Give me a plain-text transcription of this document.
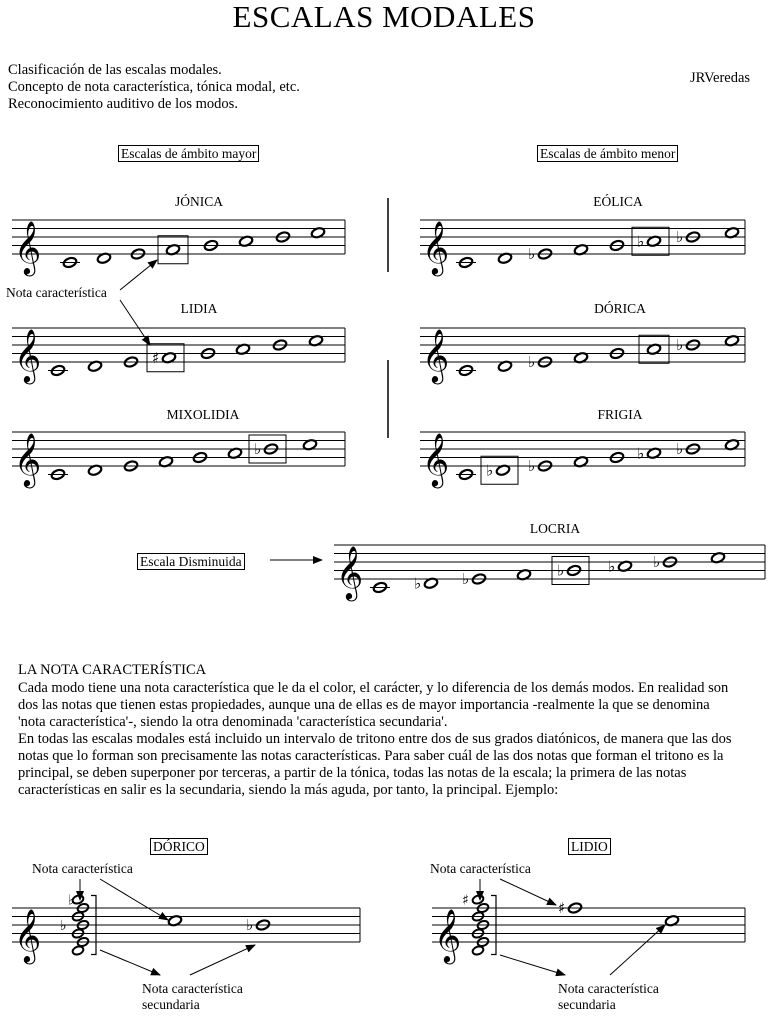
ESCALAS MODALES
Clasificación de las escalas modales.
Concepto de nota característica, tónica modal, etc.
Reconocimiento auditivo de los modos.
JRVeredas
Escalas de ámbito mayor	Escalas de ámbito menor
Escala Disminuida
DÓRICO	LIDIO
LA NOTA CARACTERÍSTICA

Cada modo tiene una nota característica que le da el color, el carácter, y lo diferencia de los demás modos. En realidad son dos las notas que tienen estas propiedades, aunque una de ellas es de mayor importancia -realmente la que se denomina 'nota característica'-, siendo la otra denominada 'característica secundaria'.

En todas las escalas modales está incluido un intervalo de tritono entre dos de sus grados diatónicos, de manera que las dos notas que lo forman son precisamente las notas características. Para saber cuál de las dos notas que forman el tritono es la principal, se deben superponer por terceras, a partir de la tónica, todas las notas de la escala; la primera de las notas características en salir es la secundaria, siendo la más aguda, por tanto, la principal. Ejemplo:

𝄞
𝄞	♯
𝄞	♭
𝄞	♭
♭ ♭
𝄞	♭
♭
𝄞 ♭ ♭
♭ ♭
𝄞	♭	♭	♭	♭	♭
𝄞 ♭
♭
♭	𝄞
♯	♯
JÓNICA
LIDIA
MIXOLIDIA
EÓLICA
DÓRICA
FRIGIA
LOCRIA
Nota característica
Nota característica
Nota característica
secundaria
Nota característica
Nota característica
secundaria
